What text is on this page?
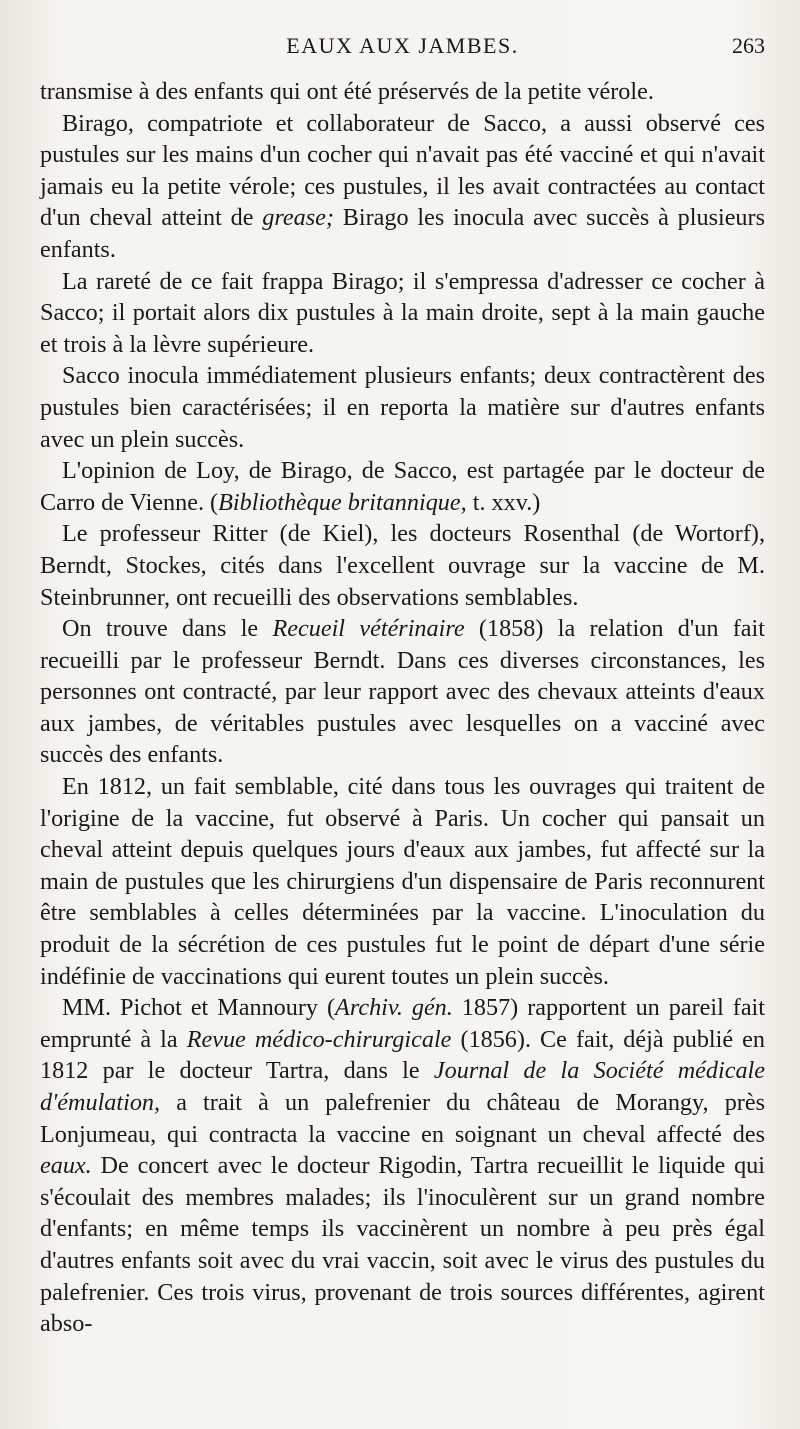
EAUX AUX JAMBES.	263

transmise à des enfants qui ont été préservés de la petite vérole.

Birago, compatriote et collaborateur de Sacco, a aussi observé ces pustules sur les mains d'un cocher qui n'avait pas été vacciné et qui n'avait jamais eu la petite vérole; ces pustules, il les avait contractées au contact d'un cheval atteint de grease; Birago les inocula avec succès à plusieurs enfants.

La rareté de ce fait frappa Birago; il s'empressa d'adresser ce cocher à Sacco; il portait alors dix pustules à la main droite, sept à la main gauche et trois à la lèvre supérieure.

Sacco inocula immédiatement plusieurs enfants; deux contractèrent des pustules bien caractérisées; il en reporta la matière sur d'autres enfants avec un plein succès.

L'opinion de Loy, de Birago, de Sacco, est partagée par le docteur de Carro de Vienne. (Bibliothèque britannique, t. xxv.)

Le professeur Ritter (de Kiel), les docteurs Rosenthal (de Wortorf), Berndt, Stockes, cités dans l'excellent ouvrage sur la vaccine de M. Steinbrunner, ont recueilli des observations semblables.

On trouve dans le Recueil vétérinaire (1858) la relation d'un fait recueilli par le professeur Berndt. Dans ces diverses circonstances, les personnes ont contracté, par leur rapport avec des chevaux atteints d'eaux aux jambes, de véritables pustules avec lesquelles on a vacciné avec succès des enfants.

En 1812, un fait semblable, cité dans tous les ouvrages qui traitent de l'origine de la vaccine, fut observé à Paris. Un cocher qui pansait un cheval atteint depuis quelques jours d'eaux aux jambes, fut affecté sur la main de pustules que les chirurgiens d'un dispensaire de Paris reconnurent être semblables à celles déterminées par la vaccine. L'inoculation du produit de la sécrétion de ces pustules fut le point de départ d'une série indéfinie de vaccinations qui eurent toutes un plein succès.

MM. Pichot et Mannoury (Archiv. gén. 1857) rapportent un pareil fait emprunté à la Revue médico-chirurgicale (1856). Ce fait, déjà publié en 1812 par le docteur Tartra, dans le Journal de la Société médicale d'émulation, a trait à un palefrenier du château de Morangy, près Lonjumeau, qui contracta la vaccine en soignant un cheval affecté des eaux. De concert avec le docteur Rigodin, Tartra recueillit le liquide qui s'écoulait des membres malades; ils l'inoculèrent sur un grand nombre d'enfants; en même temps ils vaccinèrent un nombre à peu près égal d'autres enfants soit avec du vrai vaccin, soit avec le virus des pustules du palefrenier. Ces trois virus, provenant de trois sources différentes, agirent abso-
